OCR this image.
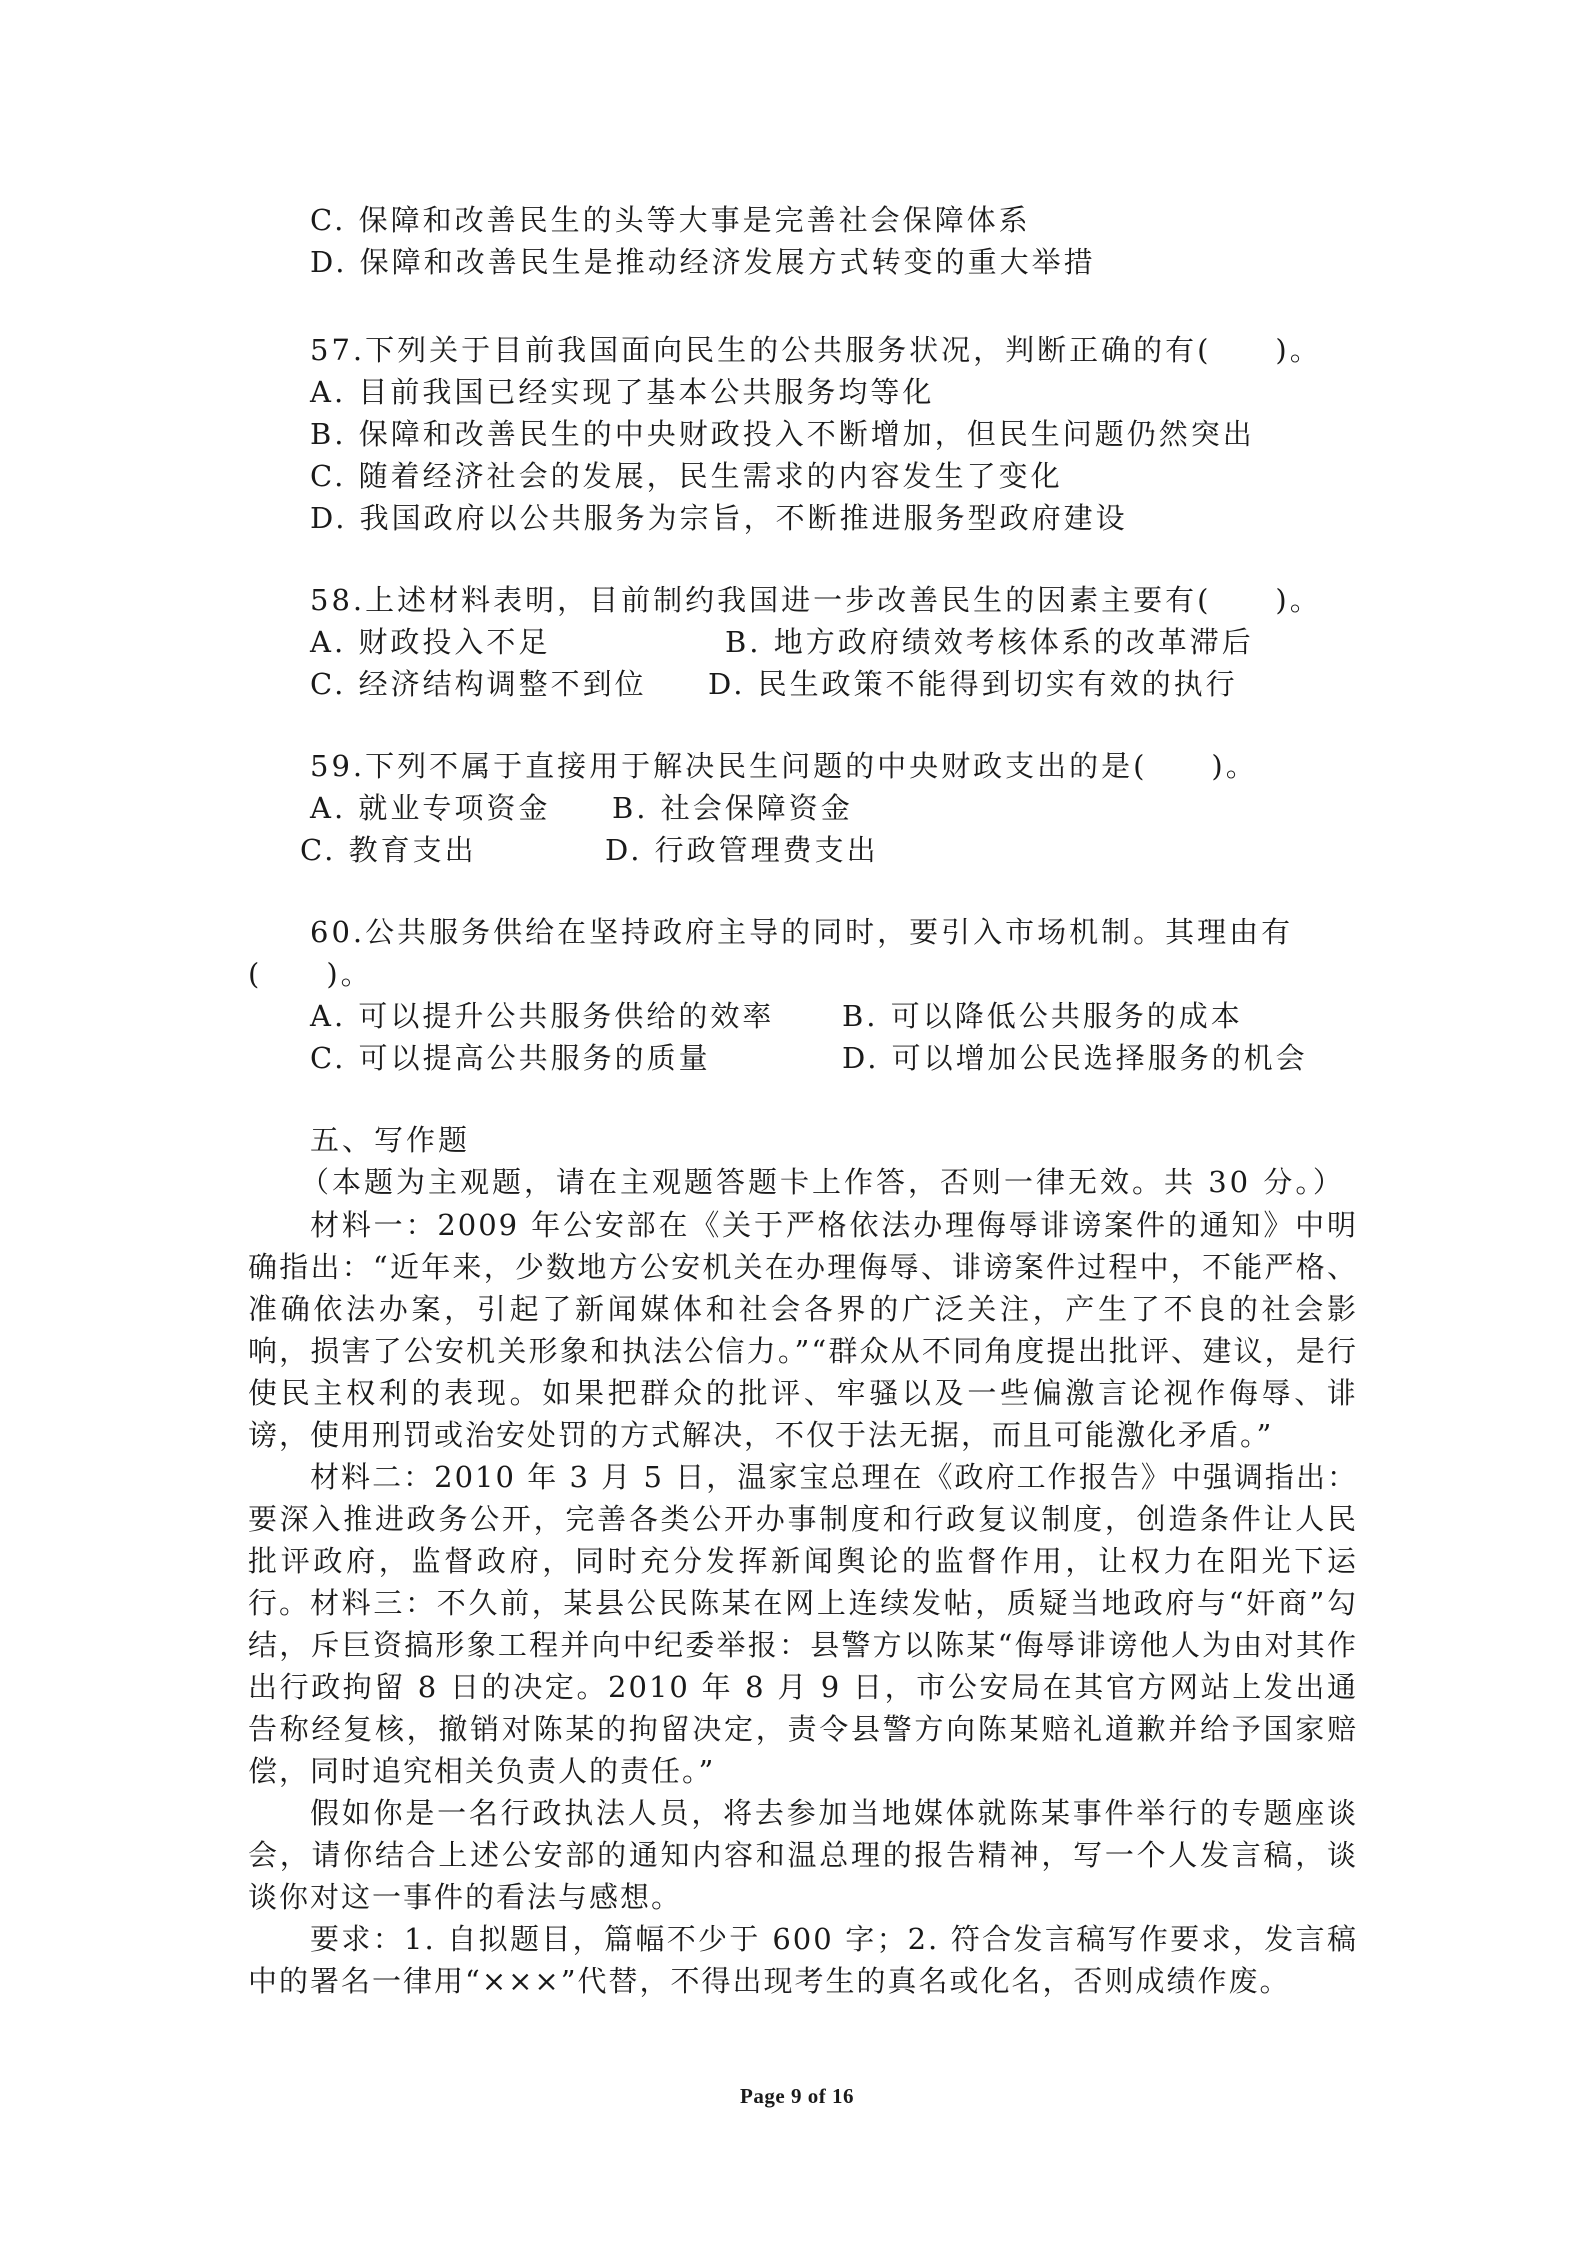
C. 保障和改善民生的头等大事是完善社会保障体系
D. 保障和改善民生是推动经济发展方式转变的重大举措
57.下列关于目前我国面向民生的公共服务状况，判断正确的有(　　)。
A. 目前我国已经实现了基本公共服务均等化
B. 保障和改善民生的中央财政投入不断增加，但民生问题仍然突出
C. 随着经济社会的发展，民生需求的内容发生了变化
D. 我国政府以公共服务为宗旨，不断推进服务型政府建设
58.上述材料表明，目前制约我国进一步改善民生的因素主要有(　　)。
A. 财政投入不足	B. 地方政府绩效考核体系的改革滞后
C. 经济结构调整不到位 D. 民生政策不能得到切实有效的执行
59.下列不属于直接用于解决民生问题的中央财政支出的是(　　)。
A. 就业专项资金 B. 社会保障资金
C. 教育支出	D. 行政管理费支出
60.公共服务供给在坚持政府主导的同时，要引入市场机制。其理由有
(　　)。
A. 可以提升公共服务供给的效率 B. 可以降低公共服务的成本
C. 可以提高公共服务的质量	D. 可以增加公民选择服务的机会
五、写作题
（本题为主观题，请在主观题答题卡上作答，否则一律无效。共 30 分。）
材料一：2009 年公安部在《关于严格依法办理侮辱诽谤案件的通知》中明确指出：“近年来，少数地方公安机关在办理侮辱、诽谤案件过程中，不能严格、准确依法办案，引起了新闻媒体和社会各界的广泛关注，产生了不良的社会影响，损害了公安机关形象和执法公信力。”“群众从不同角度提出批评、建议，是行使民主权利的表现。如果把群众的批评、牢骚以及一些偏激言论视作侮辱、诽谤，使用刑罚或治安处罚的方式解决，不仅于法无据，而且可能激化矛盾。”
材料二：2010 年 3 月 5 日，温家宝总理在《政府工作报告》中强调指出：要深入推进政务公开，完善各类公开办事制度和行政复议制度，创造条件让人民批评政府，监督政府，同时充分发挥新闻舆论的监督作用，让权力在阳光下运行。 材料三：不久前，某县公民陈某在网上连续发帖，质疑当地政府与“奸商”勾结，斥巨资搞形象工程并向中纪委举报：县警方以陈某“侮辱诽谤他人为由对其作出行政拘留 8 日的决定。2010 年 8 月 9 日，市公安局在其官方网站上发出通告称经复核，撤销对陈某的拘留决定，责令县警方向陈某赔礼道歉并给予国家赔偿，同时追究相关负责人的责任。”
假如你是一名行政执法人员，将去参加当地媒体就陈某事件举行的专题座谈会，请你结合上述公安部的通知内容和温总理的报告精神，写一个人发言稿，谈谈你对这一事件的看法与感想。
要求：1. 自拟题目，篇幅不少于 600 字；2. 符合发言稿写作要求，发言稿中的署名一律用“×××”代替，不得出现考生的真名或化名，否则成绩作废。
Page 9 of 16
